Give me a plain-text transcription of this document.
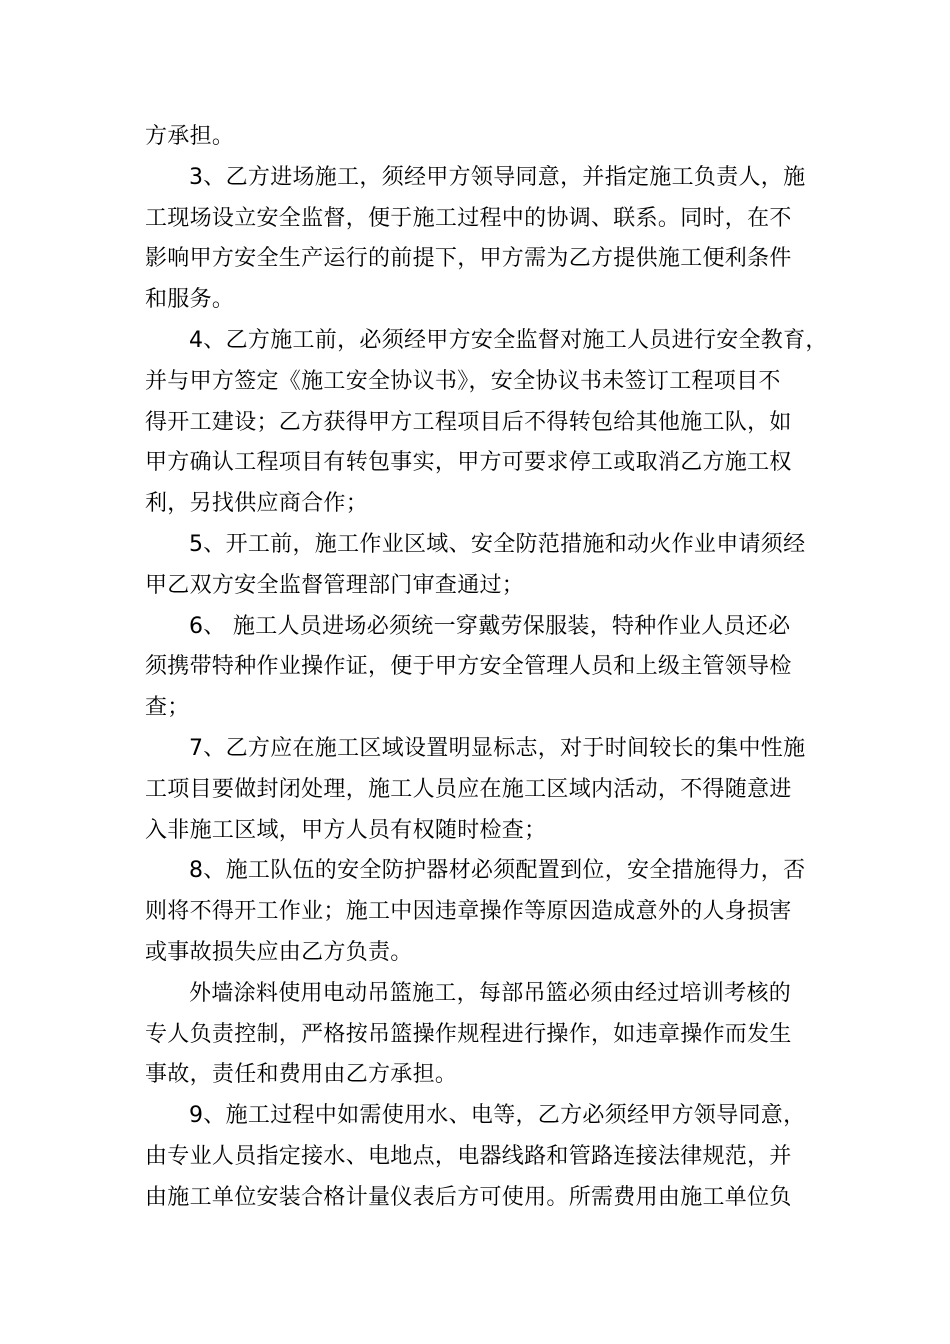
方承担。
3、乙方进场施工，须经甲方领导同意，并指定施工负责人，施
工现场设立安全监督，便于施工过程中的协调、联系。同时，在不
影响甲方安全生产运行的前提下，甲方需为乙方提供施工便利条件
和服务。
4、乙方施工前，必须经甲方安全监督对施工人员进行安全教育，
并与甲方签定《施工安全协议书》，安全协议书未签订工程项目不
得开工建设；乙方获得甲方工程项目后不得转包给其他施工队，如
甲方确认工程项目有转包事实，甲方可要求停工或取消乙方施工权
利，另找供应商合作；
5、开工前，施工作业区域、安全防范措施和动火作业申请须经
甲乙双方安全监督管理部门审查通过；
6、 施工人员进场必须统一穿戴劳保服装，特种作业人员还必
须携带特种作业操作证，便于甲方安全管理人员和上级主管领导检
查；
7、乙方应在施工区域设置明显标志，对于时间较长的集中性施
工项目要做封闭处理，施工人员应在施工区域内活动，不得随意进
入非施工区域，甲方人员有权随时检查；
8、施工队伍的安全防护器材必须配置到位，安全措施得力，否
则将不得开工作业；施工中因违章操作等原因造成意外的人身损害
或事故损失应由乙方负责。
外墙涂料使用电动吊篮施工，每部吊篮必须由经过培训考核的
专人负责控制，严格按吊篮操作规程进行操作，如违章操作而发生
事故，责任和费用由乙方承担。
9、施工过程中如需使用水、电等，乙方必须经甲方领导同意，
由专业人员指定接水、电地点，电器线路和管路连接法律规范，并
由施工单位安装合格计量仪表后方可使用。所需费用由施工单位负
